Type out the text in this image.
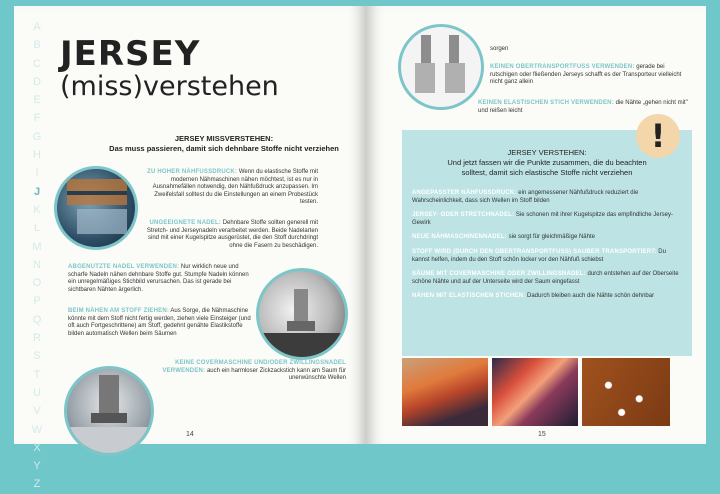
A
B
C
D
E
F
G
H
I
J
K
L
M
N
O
P
Q
R
S
T
U
V
W
X
Y
Z
JERSEY
(miss)verstehen
JERSEY MISSVERSTEHEN:
Das muss passieren, damit sich dehnbare Stoffe nicht verziehen
ZU HOHER NÄHFUSSDRUCK: Wenn du elastische Stoffe mit modernen Nähmaschinen nähen möchtest, ist es nur in Ausnahmefällen notwendig, den Nähfußdruck anzupassen. Im Zweifelsfall solltest du die Einstellungen an einem Probestück testen.
UNGEEIGNETE NADEL: Dehnbare Stoffe sollten generell mit Stretch- und Jerseynadeln verarbeitet werden. Beide Nadelarten sind mit einer Kugelspitze ausgerüstet, die den Stoff durchdringt ohne die Fasern zu beschädigen.
ABGENUTZTE NADEL VERWENDEN: Nur wirklich neue und scharfe Nadeln nähen dehnbare Stoffe gut. Stumpfe Nadeln können ein unregelmäßiges Stichbild verursachen. Das ist gerade bei sichtbaren Nähten ärgerlich.
BEIM NÄHEN AM STOFF ZIEHEN: Aus Sorge, die Nähmaschine könnte mit dem Stoff nicht fertig werden, ziehen viele Einsteiger (und oft auch Fortgeschrittene) am Stoff, gedehnt genähte Elastikstoffe bilden automatisch Wellen beim Säumen
KEINE COVERMASCHINE UND/ODER ZWILLINGSNADEL VERWENDEN: auch ein harmloser Zickzackstich kann am Saum für unerwünschte Wellen
14
sorgen
KEINEN OBERTRANSPORTFUSS VERWENDEN: gerade bei rutschigen oder fließenden Jerseys schafft es der Transporteur vielleicht nicht ganz allein
KEINEN ELASTISCHEN STICH VERWENDEN: die Nähte „gehen nicht mit" und reißen leicht
JERSEY VERSTEHEN:
Und jetzt fassen wir die Punkte zusammen, die du beachten solltest, damit sich elastische Stoffe nicht verziehen
ANGEPASSTER NÄHFUSSDRUCK: ein angemessener Nähfußdruck reduziert die Wahrscheinlichkeit, dass sich Wellen im Stoff bilden
JERSEY- ODER STRETCHNADEL: Sie schonen mit ihrer Kugelspitze das empfindliche Jersey-Gewirk
NEUE NÄHMASCHINENNADEL: sie sorgt für gleichmäßige Nähte
STOFF WIRD (DURCH DEN OBERTRANSPORTFUSS) SAUBER TRANSPORTIERT: Du kannst helfen, indem du den Stoff schön locker vor den Nähfuß schiebst
SÄUME MIT COVERMASCHINE ODER ZWILLINGSNADEL: durch entstehen auf der Oberseite schöne Nähte und auf der Unterseite wird der Saum eingefasst
NÄHEN MIT ELASTISCHEN STICHEN: Dadurch bleiben auch die Nähte schön dehnbar
!
15
